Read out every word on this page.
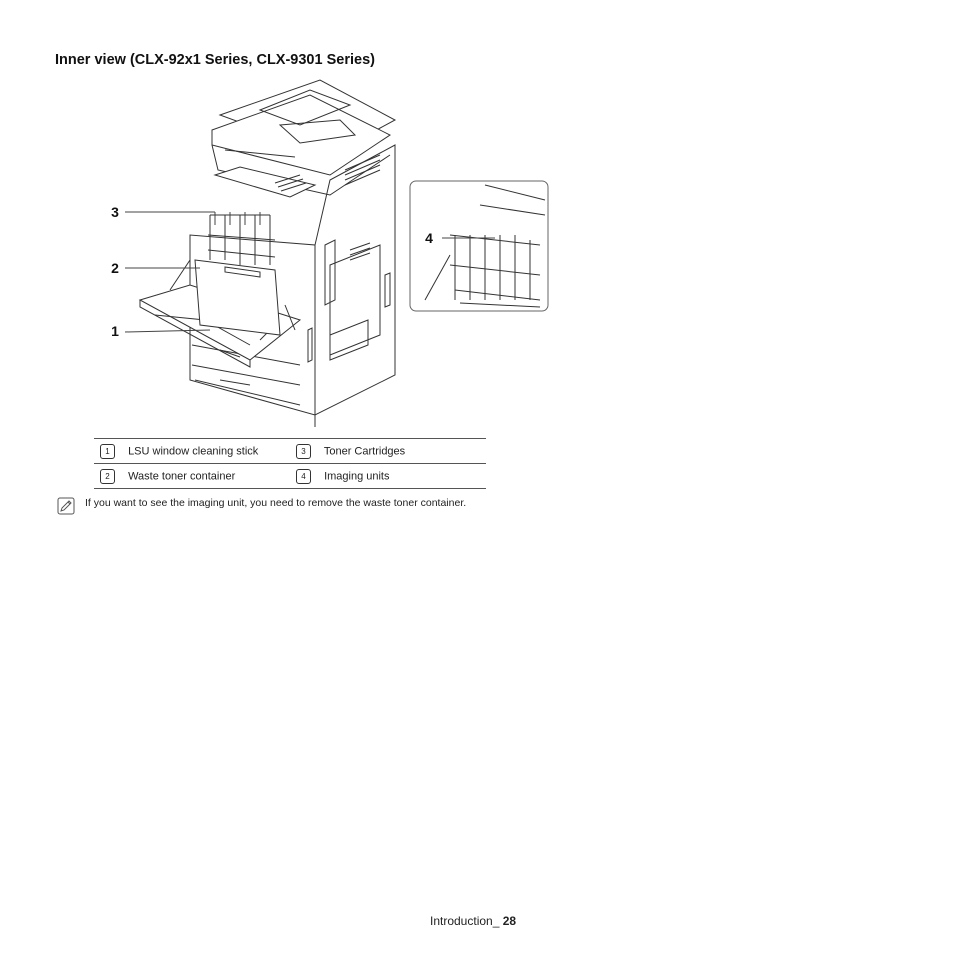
Inner view (CLX-92x1 Series, CLX-9301 Series)
3
2
1
4
1 LSU window cleaning stick	3 Toner Cartridges
2 Waste toner container	4 Imaging units
If you want to see the imaging unit, you need to remove the waste toner container.
Introduction_ 28
